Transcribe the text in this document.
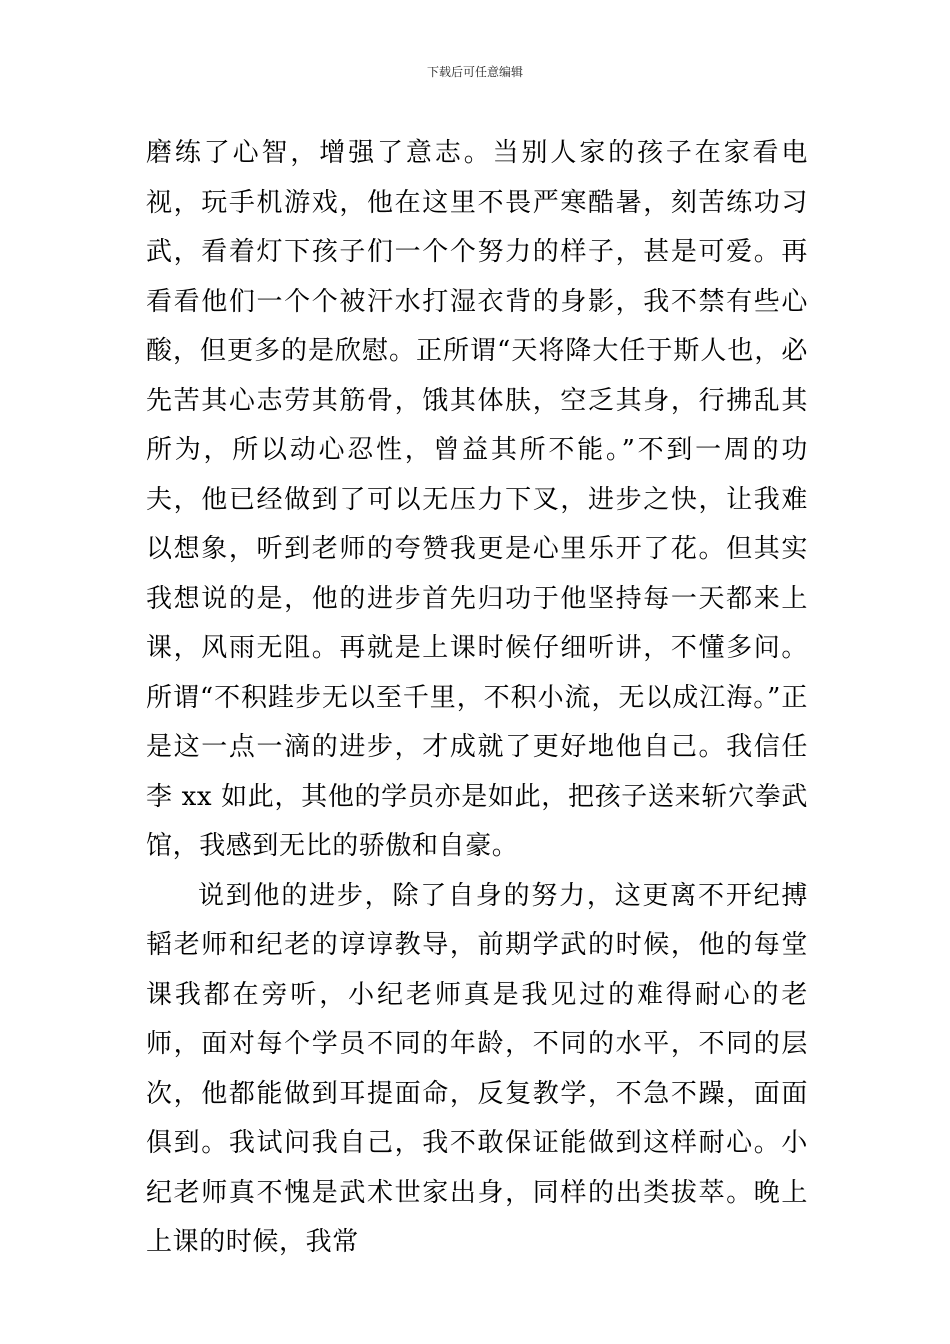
下载后可任意编辑

磨练了心智，增强了意志。当别人家的孩子在家看电视，玩手机游戏，他在这里不畏严寒酷暑，刻苦练功习武，看着灯下孩子们一个个努力的样子，甚是可爱。再看看他们一个个被汗水打湿衣背的身影，我不禁有些心酸，但更多的是欣慰。正所谓“天将降大任于斯人也，必先苦其心志劳其筋骨，饿其体肤，空乏其身，行拂乱其所为，所以动心忍性，曾益其所不能。”不到一周的功夫，他已经做到了可以无压力下叉，进步之快，让我难以想象，听到老师的夸赞我更是心里乐开了花。但其实我想说的是，他的进步首先归功于他坚持每一天都来上课，风雨无阻。再就是上课时候仔细听讲，不懂多问。所谓“不积跬步无以至千里，不积小流，无以成江海。”正是这一点一滴的进步，才成就了更好地他自己。我信任李 xx 如此，其他的学员亦是如此，把孩子送来斩穴拳武馆，我感到无比的骄傲和自豪。

说到他的进步，除了自身的努力，这更离不开纪搏韬老师和纪老的谆谆教导，前期学武的时候，他的每堂课我都在旁听，小纪老师真是我见过的难得耐心的老师，面对每个学员不同的年龄，不同的水平，不同的层次，他都能做到耳提面命，反复教学，不急不躁，面面俱到。我试问我自己，我不敢保证能做到这样耐心。小纪老师真不愧是武术世家出身，同样的出类拔萃。晚上上课的时候，我常
